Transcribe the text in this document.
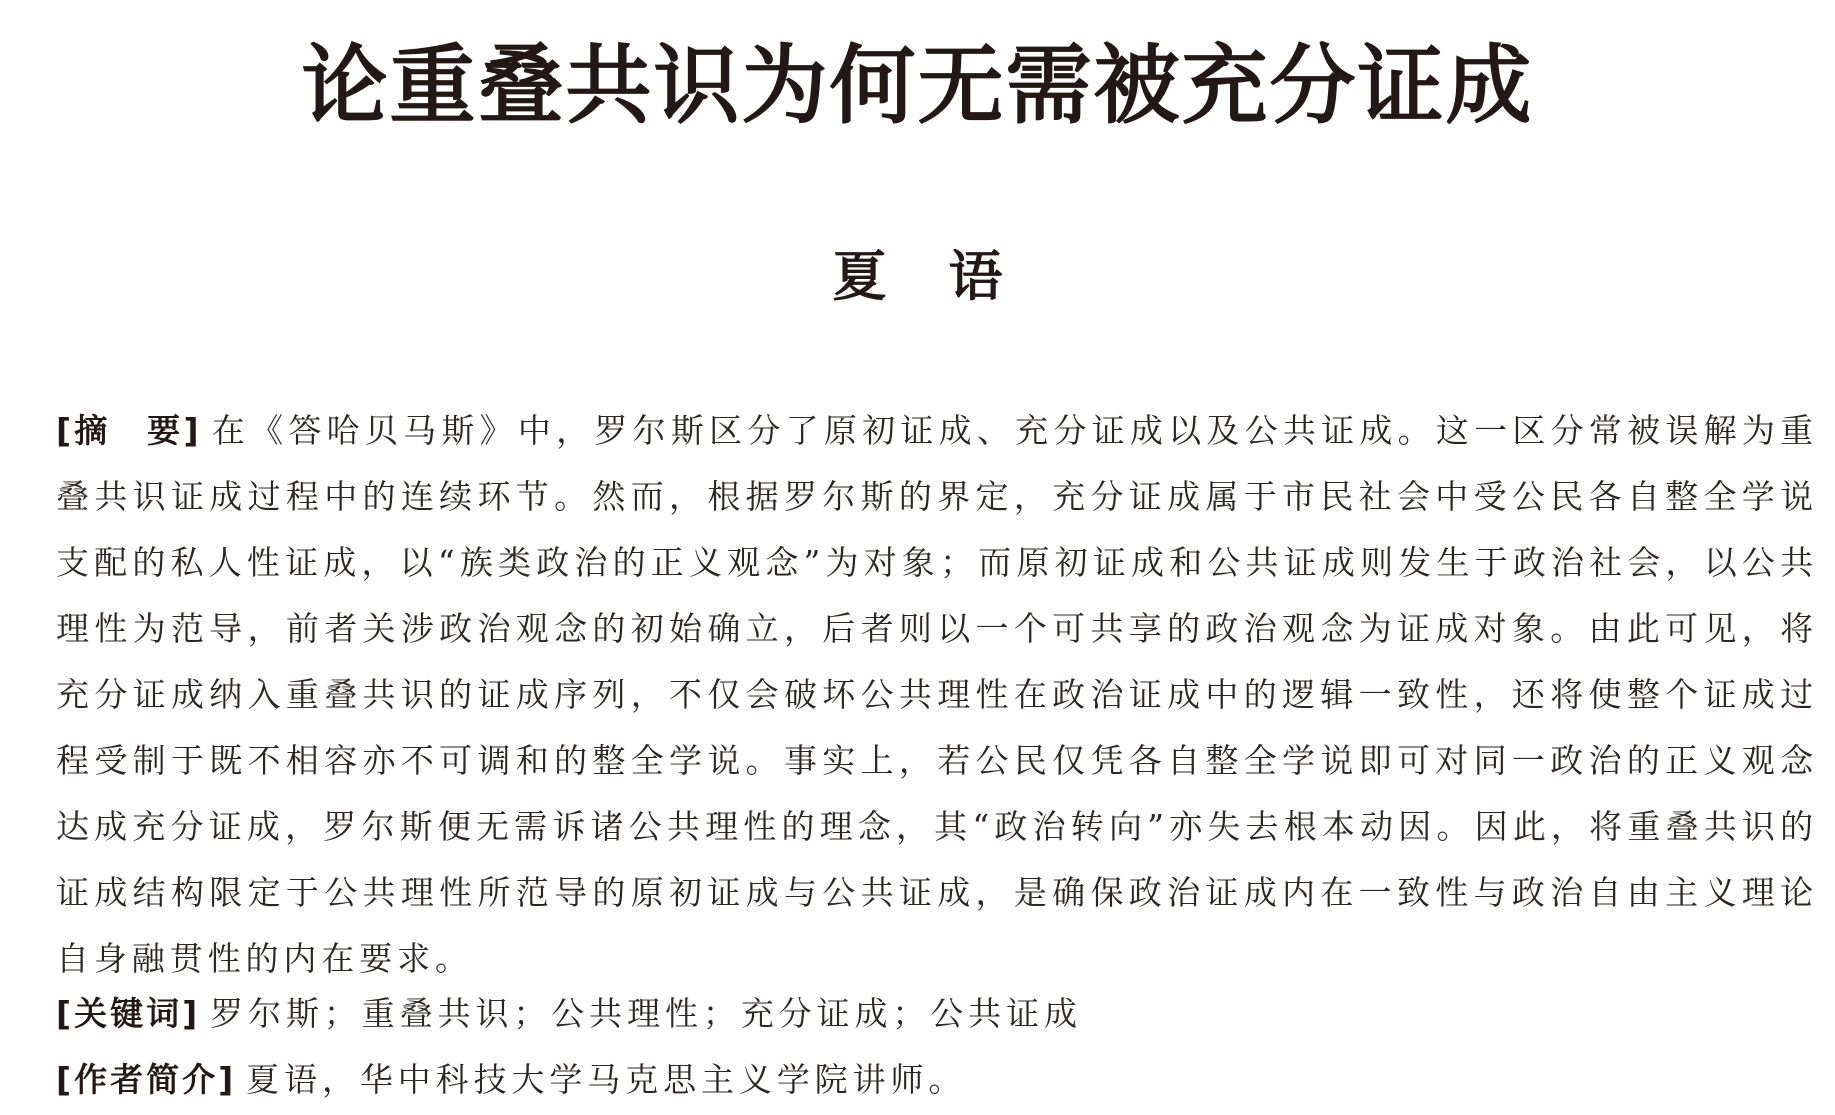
论重叠共识为何无需被充分证成
夏语
[摘　要] 在《答哈贝马斯》中，罗尔斯区分了原初证成、充分证成以及公共证成。这一区分常被误解为重叠共识证成过程中的连续环节。然而，根据罗尔斯的界定，充分证成属于市民社会中受公民各自整全学说支配的私人性证成，以“族类政治的正义观念”为对象；而原初证成和公共证成则发生于政治社会，以公共理性为范导，前者关涉政治观念的初始确立，后者则以一个可共享的政治观念为证成对象。由此可见，将充分证成纳入重叠共识的证成序列，不仅会破坏公共理性在政治证成中的逻辑一致性，还将使整个证成过程受制于既不相容亦不可调和的整全学说。事实上，若公民仅凭各自整全学说即可对同一政治的正义观念达成充分证成，罗尔斯便无需诉诸公共理性的理念，其“政治转向”亦失去根本动因。因此，将重叠共识的证成结构限定于公共理性所范导的原初证成与公共证成，是确保政治证成内在一致性与政治自由主义理论自身融贯性的内在要求。
[关键词] 罗尔斯；重叠共识；公共理性；充分证成；公共证成
[作者简介] 夏语，华中科技大学马克思主义学院讲师。
